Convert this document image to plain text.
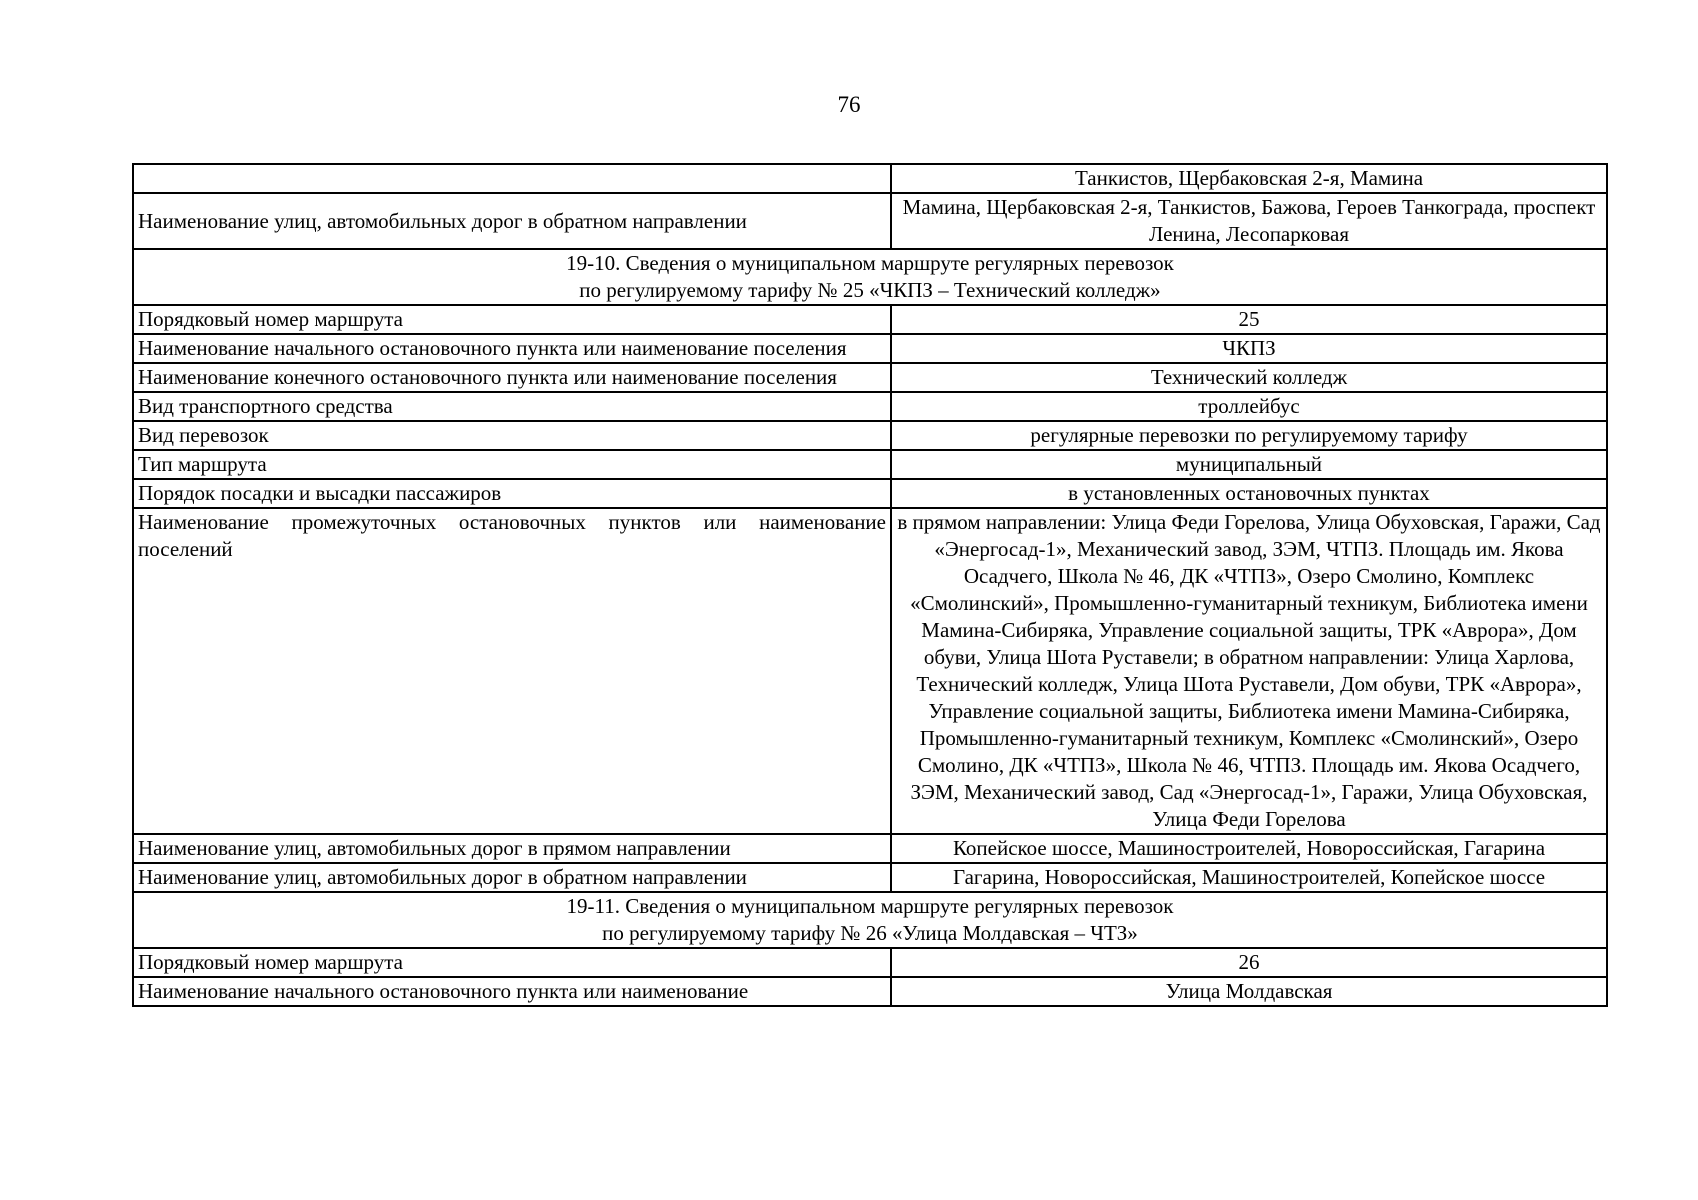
76
	Танкистов, Щербаковская 2-я, Мамина
Наименование улиц, автомобильных дорог в обратном направлении	Мамина, Щербаковская 2-я, Танкистов, Бажова, Героев Танкограда, проспект Ленина, Лесопарковая

19-10. Сведения о муниципальном маршруте регулярных перевозок
по регулируемому тарифу № 25 «ЧКПЗ – Технический колледж»	

Порядковый номер маршрута	25
Наименование начального остановочного пункта или наименование поселения	ЧКПЗ
Наименование конечного остановочного пункта или наименование поселения	Технический колледж
Вид транспортного средства	троллейбус
Вид перевозок	регулярные перевозки по регулируемому тарифу
Тип маршрута	муниципальный
Порядок посадки и высадки пассажиров	в установленных остановочных пунктах
Наименование промежуточных остановочных пунктов или наименование поселений	в прямом направлении: Улица Феди Горелова, Улица Обуховская, Гаражи, Сад «Энергосад-1», Механический завод, ЗЭМ, ЧТПЗ. Площадь им. Якова Осадчего, Школа № 46, ДК «ЧТПЗ», Озеро Смолино, Комплекс «Смолинский», Промышленно-гуманитарный техникум, Библиотека имени Мамина-Сибиряка, Управление социальной защиты, ТРК «Аврора», Дом обуви, Улица Шота Руставели; в обратном направлении: Улица Харлова, Технический колледж, Улица Шота Руставели, Дом обуви, ТРК «Аврора», Управление социальной защиты, Библиотека имени Мамина-Сибиряка, Промышленно-гуманитарный техникум, Комплекс «Смолинский», Озеро Смолино, ДК «ЧТПЗ», Школа № 46, ЧТПЗ. Площадь им. Якова Осадчего, ЗЭМ, Механический завод, Сад «Энергосад-1», Гаражи, Улица Обуховская, Улица Феди Горелова
Наименование улиц, автомобильных дорог в прямом направлении	Копейское шоссе, Машиностроителей, Новороссийская, Гагарина
Наименование улиц, автомобильных дорог в обратном направлении	Гагарина, Новороссийская, Машиностроителей, Копейское шоссе

19-11. Сведения о муниципальном маршруте регулярных перевозок
по регулируемому тарифу № 26 «Улица Молдавская – ЧТЗ»	

Порядковый номер маршрута	26
Наименование начального остановочного пункта или наименование	Улица Молдавская
